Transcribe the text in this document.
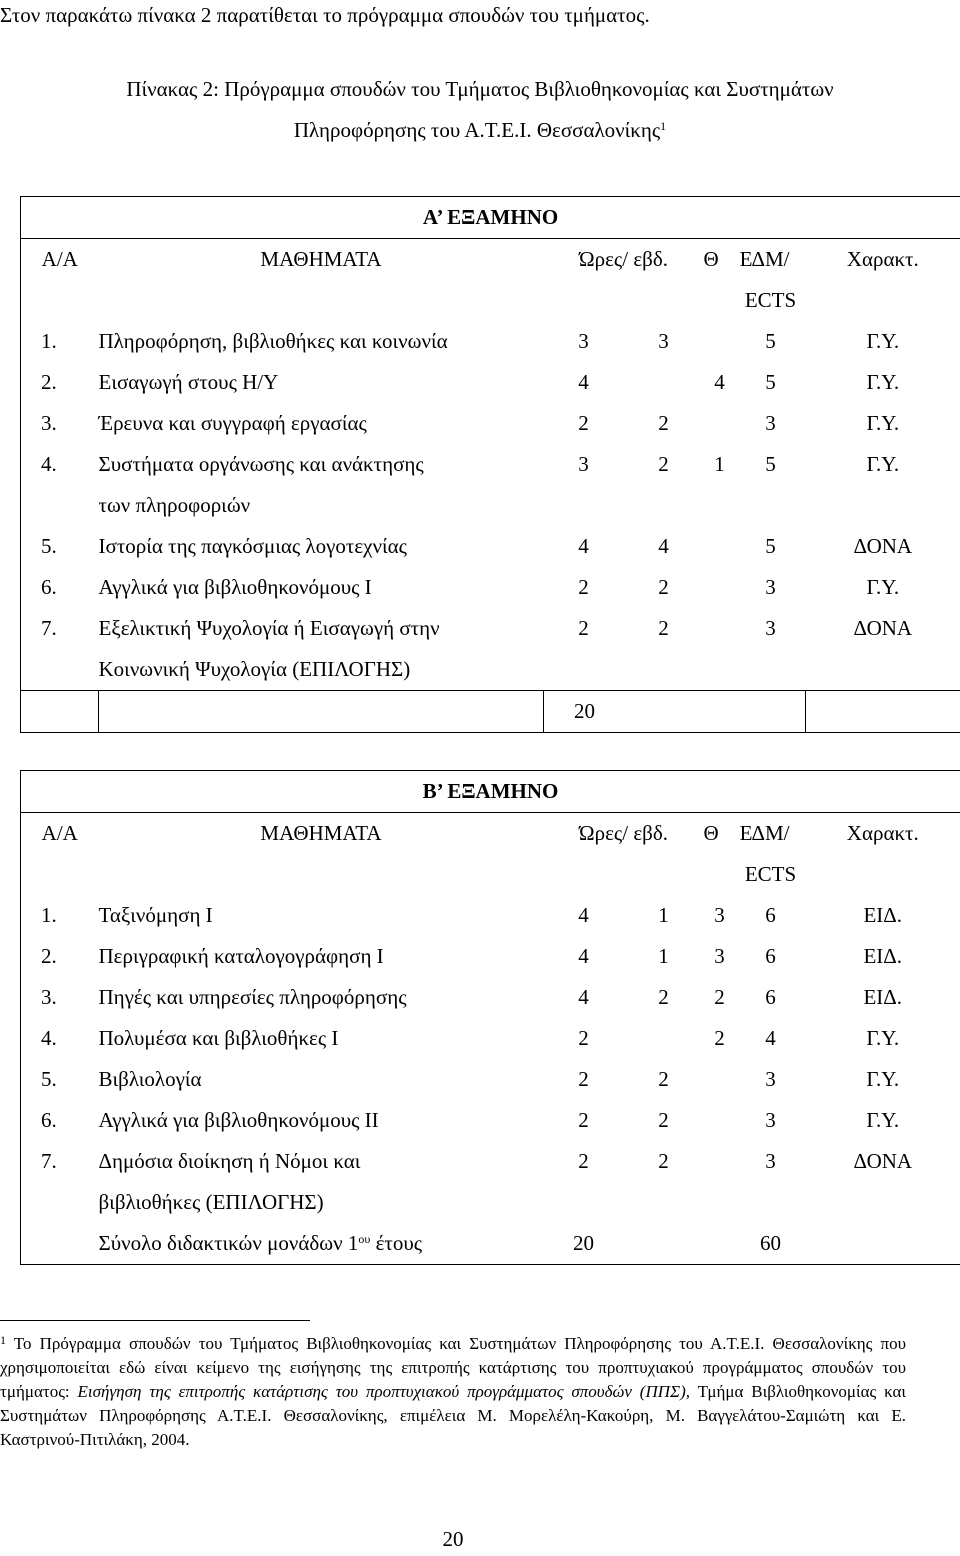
Στον παρακάτω πίνακα 2 παρατίθεται το πρόγραμμα σπουδών του τμήματος.
Πίνακας 2: Πρόγραμμα σπουδών του Τμήματος Βιβλιοθηκονομίας και Συστημάτων
Πληροφόρησης του Α.Τ.Ε.Ι. Θεσσαλονίκης$^1$
Α’ ΕΞΑΜΗΝΟ						
Α/Α	ΜΑΘΗΜΑΤΑ	Ώρες/ εβδ.		Θ Ε	ΔΜ/	Χαρακτ.
					ECTS	
1.	Πληροφόρηση, βιβλιοθήκες και κοινωνία	3	3		5	Γ.Υ.
2.	Εισαγωγή στους Η/Υ	4		4	5	Γ.Υ.
3.	Έρευνα και συγγραφή εργασίας	2	2		3	Γ.Υ.
4.	Συστήματα οργάνωσης και ανάκτησης	3	2	1	5	Γ.Υ.
	των πληροφοριών					
5.	Ιστορία της παγκόσμιας λογοτεχνίας	4	4		5	ΔΟΝΑ
6.	Αγγλικά για βιβλιοθηκονόμους Ι	2	2		3	Γ.Υ.
7.	Εξελικτική Ψυχολογία ή Εισαγωγή στην	2	2		3	ΔΟΝΑ
	Κοινωνική Ψυχολογία (ΕΠΙΛΟΓΗΣ)					
		20				
Β’ ΕΞΑΜΗΝΟ						
Α/Α	ΜΑΘΗΜΑΤΑ	Ώρες/ εβδ.		Θ Ε	ΔΜ/	Χαρακτ.
					ECTS	
1.	Ταξινόμηση Ι	4	1	3	6	ΕΙΔ.
2.	Περιγραφική καταλογογράφηση Ι	4	1	3	6	ΕΙΔ.
3.	Πηγές και υπηρεσίες πληροφόρησης	4	2	2	6	ΕΙΔ.
4.	Πολυμέσα και βιβλιοθήκες Ι	2		2	4	Γ.Υ.
5.	Βιβλιολογία	2	2		3	Γ.Υ.
6.	Αγγλικά για βιβλιοθηκονόμους ΙΙ	2	2		3	Γ.Υ.
7.	Δημόσια διοίκηση ή Νόμοι και	2	2		3	ΔΟΝΑ
	βιβλιοθήκες (ΕΠΙΛΟΓΗΣ)					
	Σύνολο διδακτικών μονάδων $1^{o\upsilon}$ έτους	20			60	
$^1$ Το Πρόγραμμα σπουδών του Τμήματος Βιβλιοθηκονομίας και Συστημάτων Πληροφόρησης του Α.Τ.Ε.Ι. Θεσσαλονίκης που χρησιμοποιείται εδώ είναι κείμενο της εισήγησης της επιτροπής κατάρτισης του προπτυχιακού προγράμματος σπουδών του τμήματος: Εισήγηση της επιτροπής κατάρτισης του προπτυχιακού προγράμματος σπουδών (ΠΠΣ), Τμήμα Βιβλιοθηκονομίας και Συστημάτων Πληροφόρησης Α.Τ.Ε.Ι. Θεσσαλονίκης, επιμέλεια Μ. Μορελέλη-Κακούρη, Μ. Βαγγελάτου-Σαμιώτη και Ε. Καστρινού-Πιτιλάκη, 2004.
20
